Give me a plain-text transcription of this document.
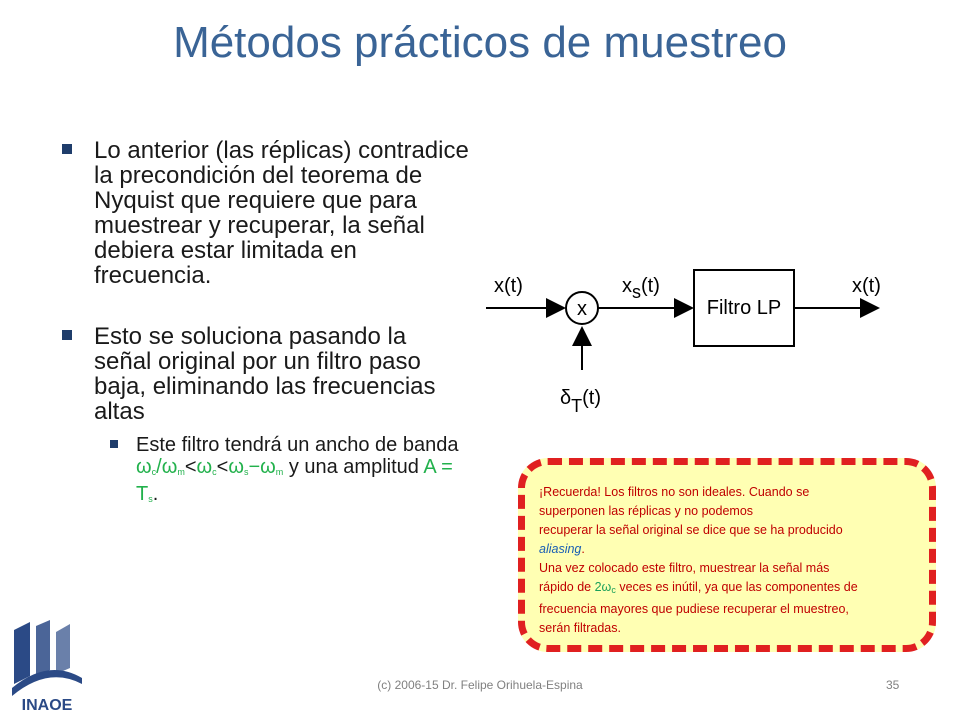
Métodos prácticos de muestreo
Lo anterior (las réplicas) contradice la precondición del teorema de Nyquist que requiere que para muestrear y recuperar, la señal debiera estar limitada en frecuencia.
Esto se soluciona pasando la señal original por un filtro paso baja, eliminando las frecuencias altas
Este filtro tendrá un ancho de banda $\omega_c/\omega_m<\omega_c<\omega_s-\omega_m$ y una amplitud $A = T_s$.
x(t)
x
xs(t)
Filtro LP
x(t)
δT(t)
¡Recuerda! Los filtros no son ideales. Cuando se
superponen las réplicas y no podemos
recuperar la señal original se dice que se ha producido
aliasing.
Una vez colocado este filtro, muestrear la señal más
rápido de $2\omega_c$ veces es inútil, ya que las componentes de
frecuencia mayores que pudiese recuperar el muestreo,
serán filtradas.
INAOE
(c) 2006-15 Dr. Felipe Orihuela-Espina	35
